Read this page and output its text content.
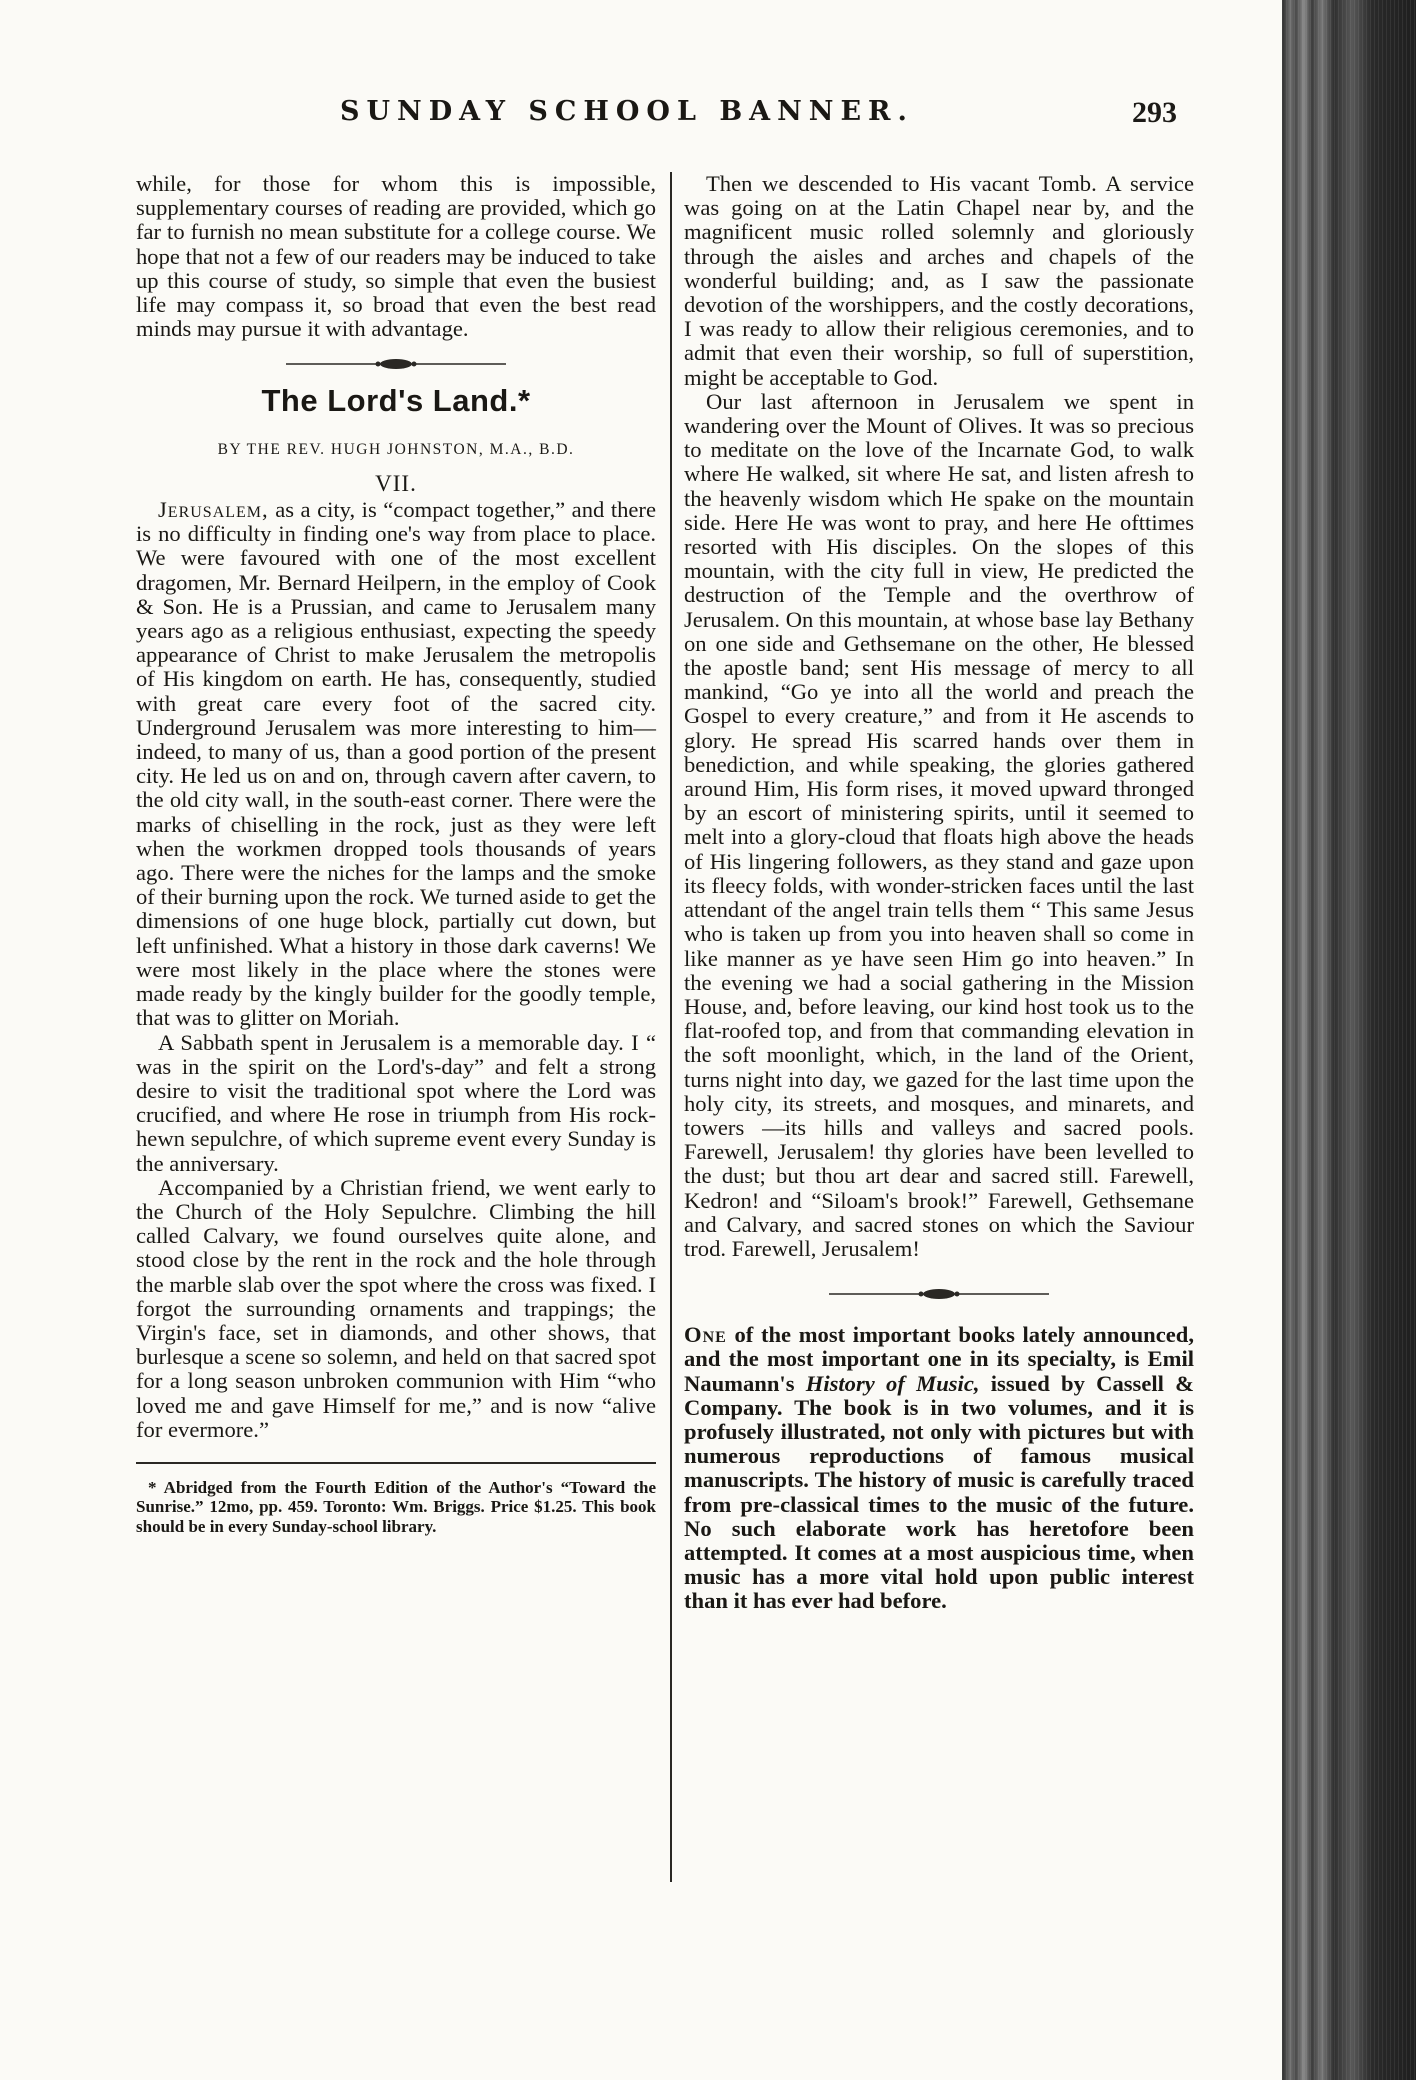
SUNDAY SCHOOL BANNER.	293

while, for those for whom this is impossible, supplementary courses of reading are provided, which go far to furnish no mean substitute for a college course. We hope that not a few of our readers may be induced to take up this course of study, so simple that even the busiest life may compass it, so broad that even the best read minds may pursue it with advantage.

The Lord's Land.*
BY THE REV. HUGH JOHNSTON, M.A., B.D.
VII.

Jerusalem, as a city, is “compact together,” and there is no difficulty in finding one's way from place to place. We were favoured with one of the most excellent dragomen, Mr. Bernard Heilpern, in the employ of Cook & Son. He is a Prussian, and came to Jerusalem many years ago as a religious enthusiast, expecting the speedy appearance of Christ to make Jerusalem the metropolis of His kingdom on earth. He has, consequently, studied with great care every foot of the sacred city. Underground Jerusalem was more interesting to him—indeed, to many of us, than a good portion of the present city. He led us on and on, through cavern after cavern, to the old city wall, in the south-east corner. There were the marks of chiselling in the rock, just as they were left when the workmen dropped tools thousands of years ago. There were the niches for the lamps and the smoke of their burning upon the rock. We turned aside to get the dimensions of one huge block, partially cut down, but left unfinished. What a history in those dark caverns! We were most likely in the place where the stones were made ready by the kingly builder for the goodly temple, that was to glitter on Moriah.

A Sabbath spent in Jerusalem is a memorable day. I “ was in the spirit on the Lord's-day” and felt a strong desire to visit the traditional spot where the Lord was crucified, and where He rose in triumph from His rock-hewn sepulchre, of which supreme event every Sunday is the anniversary.

Accompanied by a Christian friend, we went early to the Church of the Holy Sepulchre. Climbing the hill called Calvary, we found ourselves quite alone, and stood close by the rent in the rock and the hole through the marble slab over the spot where the cross was fixed. I forgot the surrounding ornaments and trappings; the Virgin's face, set in diamonds, and other shows, that burlesque a scene so solemn, and held on that sacred spot for a long season unbroken communion with Him “who loved me and gave Himself for me,” and is now “alive for evermore.”

* Abridged from the Fourth Edition of the Author's “Toward the Sunrise.” 12mo, pp. 459. Toronto: Wm. Briggs. Price $1.25. This book should be in every Sunday-school library.

Then we descended to His vacant Tomb. A service was going on at the Latin Chapel near by, and the magnificent music rolled solemnly and gloriously through the aisles and arches and chapels of the wonderful building; and, as I saw the passionate devotion of the worshippers, and the costly decorations, I was ready to allow their religious ceremonies, and to admit that even their worship, so full of superstition, might be acceptable to God.

Our last afternoon in Jerusalem we spent in wandering over the Mount of Olives. It was so precious to meditate on the love of the Incarnate God, to walk where He walked, sit where He sat, and listen afresh to the heavenly wisdom which He spake on the mountain side. Here He was wont to pray, and here He ofttimes resorted with His disciples. On the slopes of this mountain, with the city full in view, He predicted the destruction of the Temple and the overthrow of Jerusalem. On this mountain, at whose base lay Bethany on one side and Gethsemane on the other, He blessed the apostle band; sent His message of mercy to all mankind, “Go ye into all the world and preach the Gospel to every creature,” and from it He ascends to glory. He spread His scarred hands over them in benediction, and while speaking, the glories gathered around Him, His form rises, it moved upward thronged by an escort of ministering spirits, until it seemed to melt into a glory-cloud that floats high above the heads of His lingering followers, as they stand and gaze upon its fleecy folds, with wonder-stricken faces until the last attendant of the angel train tells them “ This same Jesus who is taken up from you into heaven shall so come in like manner as ye have seen Him go into heaven.” In the evening we had a social gathering in the Mission House, and, before leaving, our kind host took us to the flat-roofed top, and from that commanding elevation in the soft moonlight, which, in the land of the Orient, turns night into day, we gazed for the last time upon the holy city, its streets, and mosques, and minarets, and towers —its hills and valleys and sacred pools. Farewell, Jerusalem! thy glories have been levelled to the dust; but thou art dear and sacred still. Farewell, Kedron! and “Siloam's brook!” Farewell, Gethsemane and Calvary, and sacred stones on which the Saviour trod. Farewell, Jerusalem!

One of the most important books lately announced, and the most important one in its specialty, is Emil Naumann's History of Music, issued by Cassell & Company. The book is in two volumes, and it is profusely illustrated, not only with pictures but with numerous reproductions of famous musical manuscripts. The history of music is carefully traced from pre-classical times to the music of the future. No such elaborate work has heretofore been attempted. It comes at a most auspicious time, when music has a more vital hold upon public interest than it has ever had before.
